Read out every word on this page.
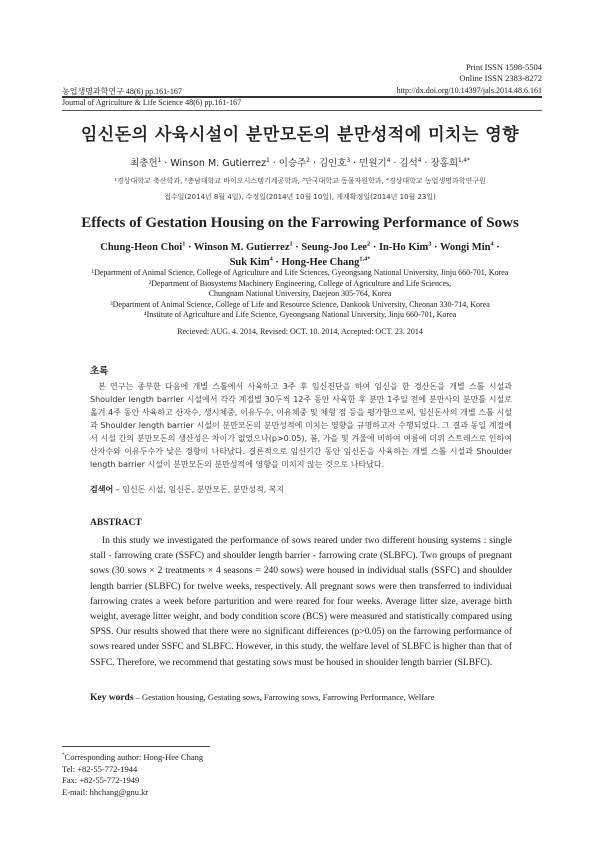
Print ISSN 1598-5504
Online ISSN 2383-8272
농업생명과학연구 48(6) pp.161-167	http://dx.doi.org/10.14397/jals.2014.48.6.161
Journal of Agriculture & Life Science 48(6) pp.161-167
임신돈의 사육시설이 분만모돈의 분만성적에 미치는 영향
최충헌$^1$ · Winson M. Gutierrez$^1$ · 이승주$^2$ · 김인호$^3$ · 민원기$^4$ · 김석$^4$ · 장홍희$^{1,4*}$
¹경상대학교 축산학과, ²충남대학교 바이오시스템기계공학과, ³단국대학교 동물자원학과, ⁴경상대학교 농업생명과학연구원
접수일(2014년 8월 4일), 수정일(2014년 10월 10일), 게재확정일(2014년 10월 23일)
Effects of Gestation Housing on the Farrowing Performance of Sows
Chung-Heon Choi$^1$ · Winson M. Gutierrez$^1$ · Seung-Joo Lee$^2$ · In-Ho Kim$^3$ · Wongi Min$^4$ ·
Suk Kim$^4$ · Hong-Hee Chang$^{1,4*}$
¹Department of Animal Science, College of Agriculture and Life Sciences, Gyeongsang National University, Jinju 660-701, Korea
²Department of Biosystems Machinery Engineering, College of Agriculture and Life Sciences,
Chungnam National University, Daejeon 305-764, Korea
³Department of Animal Science, College of Life and Resource Science, Dankook University, Cheonan 330-714, Korea
⁴Institute of Agriculture and Life Science, Gyeongsang National University, Jinju 660-701, Korea
Recieved: AUG. 4. 2014, Revised: OCT. 10. 2014, Accepted: OCT. 23. 2014
초록
본 연구는 종부한 다음에 개별 스톨에서 사육하고 3주 후 임신진단을 하여 임신을 한 경산돈을 개별 스톨 시설과 Shoulder length barrier 시설에서 각각 계절별 30두씩 12주 동안 사육한 후 분만 1주일 전에 분만사의 분만틀 시설로 옮겨 4주 동안 사육하고 산자수, 생시체중, 이유두수, 이유체중 및 체형 점 등을 평가함으로써, 임신돈사의 개별 스톨 시설과 Shoulder length barrier 시설이 분만모돈의 분만성적에 미치는 영향을 규명하고자 수행되었다. 그 결과 동일 계절에서 시설 간의 분만모돈의 생산성은 차이가 없었으나(p>0.05), 봄, 가을 및 겨울에 비하여 여름에 더위 스트레스로 인하여 산자수와 이유두수가 낮은 경향이 나타났다. 결론적으로 임신기간 동안 임신돈을 사육하는 개별 스톨 시설과 Shoulder length barrier 시설이 분만모돈의 분만성적에 영향을 미치지 않는 것으로 나타났다.
검색어 – 임신돈 시설, 임신돈, 분만모돈, 분만성적, 복지
ABSTRACT
In this study we investigated the performance of sows reared under two different housing systems : single stall - farrowing crate (SSFC) and shoulder length barrier - farrowing crate (SLBFC). Two groups of pregnant sows (30 sows × 2 treatments × 4 seasons = 240 sows) were housed in individual stalls (SSFC) and shoulder length barrier (SLBFC) for twelve weeks, respectively. All pregnant sows were then transferred to individual farrowing crates a week before parturition and were reared for four weeks. Average litter size, average birth weight, average litter weight, and body condition score (BCS) were measured and statistically compared using SPSS. Our results showed that there were no significant differences (p>0.05) on the farrowing performance of sows reared under SSFC and SLBFC. However, in this study, the welfare level of SLBFC is higher than that of SSFC. Therefore, we recommend that gestating sows must be housed in shoulder length barrier (SLBFC).
Key words – Gestation housing, Gestating sows, Farrowing sows, Farrowing Performance, Welfare
*Corresponding author: Hong-Hee Chang
Tel: +82-55-772-1944
Fax: +82-55-772-1949
E-mail: hhchang@gnu.kr
